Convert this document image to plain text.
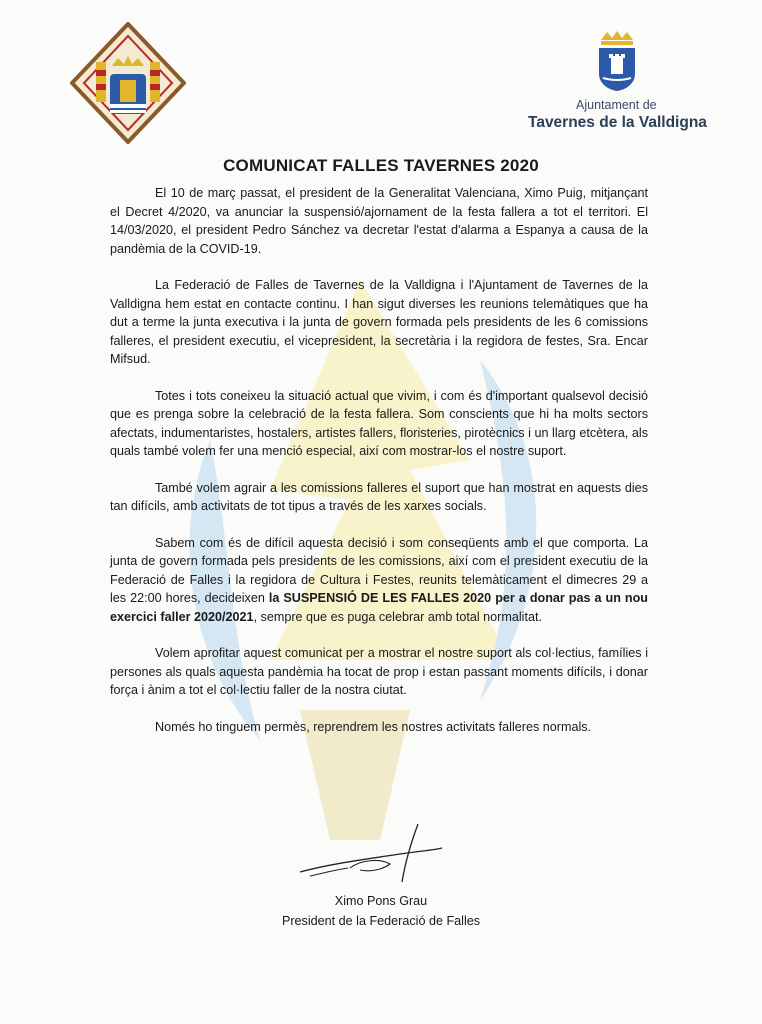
Ajuntament de
Tavernes de la Valldigna
COMUNICAT FALLES TAVERNES 2020

El 10 de març passat, el president de la Generalitat Valenciana, Ximo Puig, mitjançant el Decret 4/2020, va anunciar la suspensió/ajornament de la festa fallera a tot el territori. El 14/03/2020, el president Pedro Sánchez va decretar l'estat d'alarma a Espanya a causa de la pandèmia de la COVID-19.

La Federació de Falles de Tavernes de la Valldigna i l'Ajuntament de Tavernes de la Valldigna hem estat en contacte continu. I han sigut diverses les reunions telemàtiques que ha dut a terme la junta executiva i la junta de govern formada pels presidents de les 6 comissions falleres, el president executiu, el vicepresident, la secretària i la regidora de festes, Sra. Encar Mifsud.

Totes i tots coneixeu la situació actual que vivim, i com és d'important qualsevol decisió que es prenga sobre la celebració de la festa fallera. Som conscients que hi ha molts sectors afectats, indumentaristes, hostalers, artistes fallers, floristeries, pirotècnics i un llarg etcètera, als quals també volem fer una menció especial, així com mostrar-los el nostre suport.

També volem agrair a les comissions falleres el suport que han mostrat en aquests dies tan difícils, amb activitats de tot tipus a través de les xarxes socials.

Sabem com és de difícil aquesta decisió i som conseqüents amb el que comporta. La junta de govern formada pels presidents de les comissions, així com el president executiu de la Federació de Falles i la regidora de Cultura i Festes, reunits telemàticament el dimecres 29 a les 22:00 hores, decideixen la SUSPENSIÓ DE LES FALLES 2020 per a donar pas a un nou exercici faller 2020/2021, sempre que es puga celebrar amb total normalitat.

Volem aprofitar aquest comunicat per a mostrar el nostre suport als col·lectius, famílies i persones als quals aquesta pandèmia ha tocat de prop i estan passant moments difícils, i donar força i ànim a tot el col·lectiu faller de la nostra ciutat.

Només ho tinguem permès, reprendrem les nostres activitats falleres normals.

Ximo Pons Grau
President de la Federació de Falles
